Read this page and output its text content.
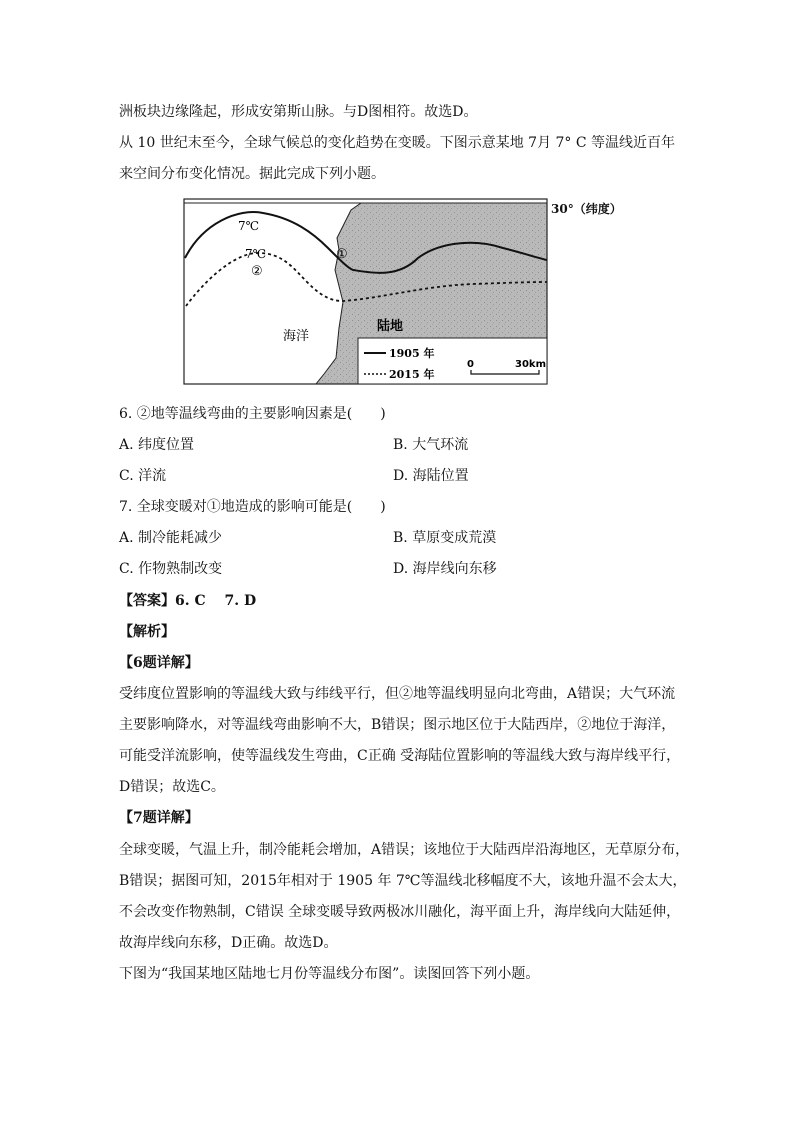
洲板块边缘隆起，形成安第斯山脉。与D图相符。故选D。
从 10 世纪末至今，全球气候总的变化趋势在变暖。下图示意某地 7月 7° C 等温线近百年
来空间分布变化情况。据此完成下列小题。
7℃
7℃
②
①
海洋
陆地
1905 年
2015 年
0	30km
30°（纬度）
6. ②地等温线弯曲的主要影响因素是(　　)
A. 纬度位置	B. 大气环流
C. 洋流	D. 海陆位置
7. 全球变暖对①地造成的影响可能是(　　)
A. 制冷能耗减少	B. 草原变成荒漠
C. 作物熟制改变	D. 海岸线向东移
【答案】6. C　 7. D
【解析】
【6题详解】
受纬度位置影响的等温线大致与纬线平行，但②地等温线明显向北弯曲，A错误；大气环流
主要影响降水，对等温线弯曲影响不大，B错误；图示地区位于大陆西岸，②地位于海洋，
可能受洋流影响，使等温线发生弯曲，C正确 受海陆位置影响的等温线大致与海岸线平行，
D错误；故选C。
【7题详解】
全球变暖，气温上升，制冷能耗会增加，A错误；该地位于大陆西岸沿海地区，无草原分布，
B错误；据图可知，2015年相对于 1905 年 7℃等温线北移幅度不大，该地升温不会太大，
不会改变作物熟制，C错误 全球变暖导致两极冰川融化，海平面上升，海岸线向大陆延伸，
故海岸线向东移，D正确。故选D。
下图为“我国某地区陆地七月份等温线分布图”。读图回答下列小题。
